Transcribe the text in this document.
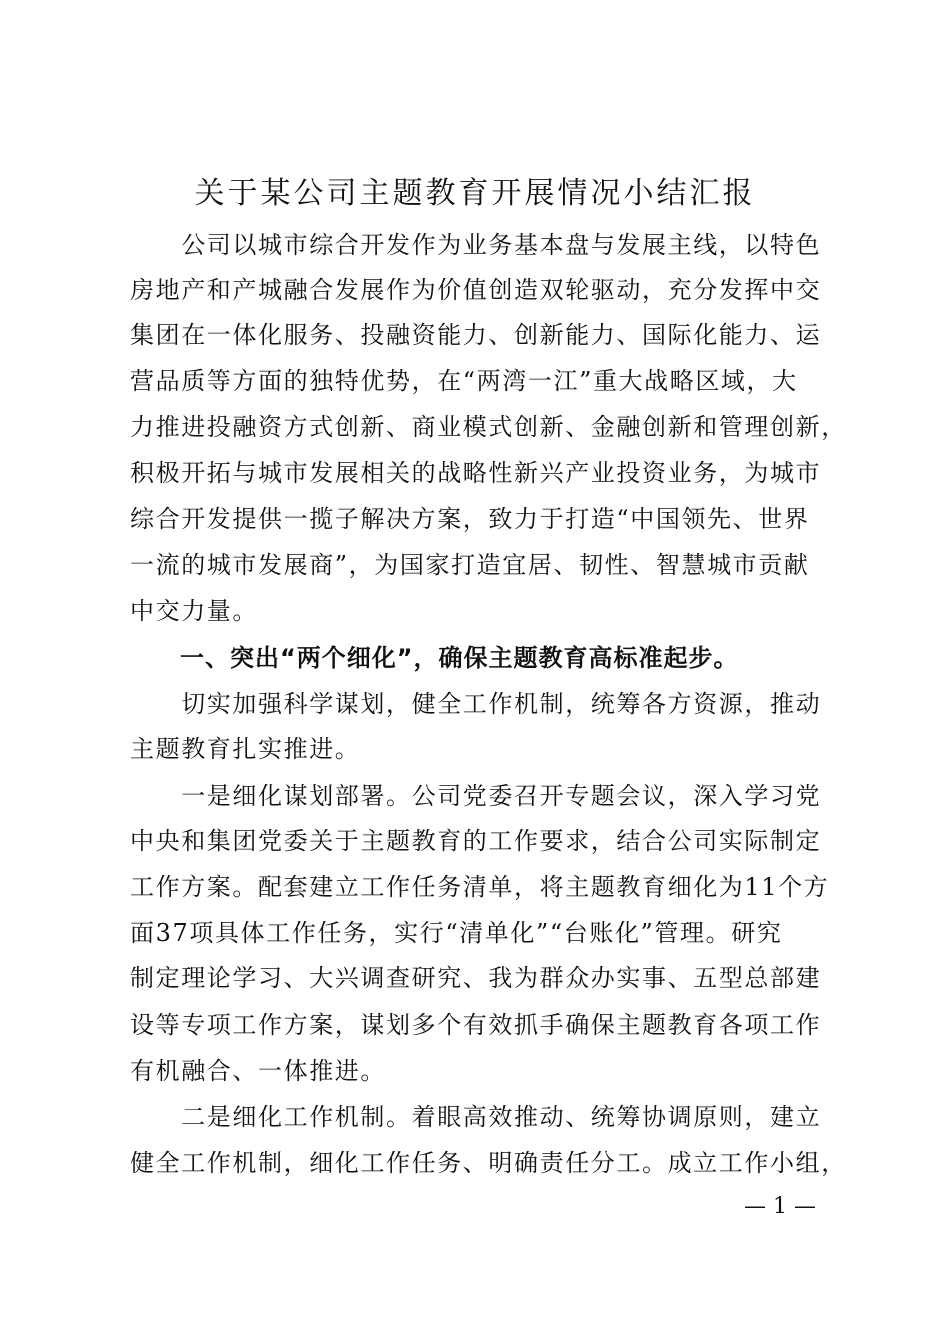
关于某公司主题教育开展情况小结汇报
　　公司以城市综合开发作为业务基本盘与发展主线，以特色
房地产和产城融合发展作为价值创造双轮驱动，充分发挥中交
集团在一体化服务、投融资能力、创新能力、国际化能力、运
营品质等方面的独特优势，在“两湾一江”重大战略区域，大
力推进投融资方式创新、商业模式创新、金融创新和管理创新，
积极开拓与城市发展相关的战略性新兴产业投资业务，为城市
综合开发提供一揽子解决方案，致力于打造“中国领先、世界
一流的城市发展商”，为国家打造宜居、韧性、智慧城市贡献
中交力量。
　　一、突出“两个细化”，确保主题教育高标准起步。
　　切实加强科学谋划，健全工作机制，统筹各方资源，推动
主题教育扎实推进。
　　一是细化谋划部署。公司党委召开专题会议，深入学习党
中央和集团党委关于主题教育的工作要求，结合公司实际制定
工作方案。配套建立工作任务清单，将主题教育细化为11个方
面37项具体工作任务，实行“清单化”“台账化”管理。研究
制定理论学习、大兴调查研究、我为群众办实事、五型总部建
设等专项工作方案，谋划多个有效抓手确保主题教育各项工作
有机融合、一体推进。
　　二是细化工作机制。着眼高效推动、统筹协调原则，建立
健全工作机制，细化工作任务、明确责任分工。成立工作小组，
— 1 —
